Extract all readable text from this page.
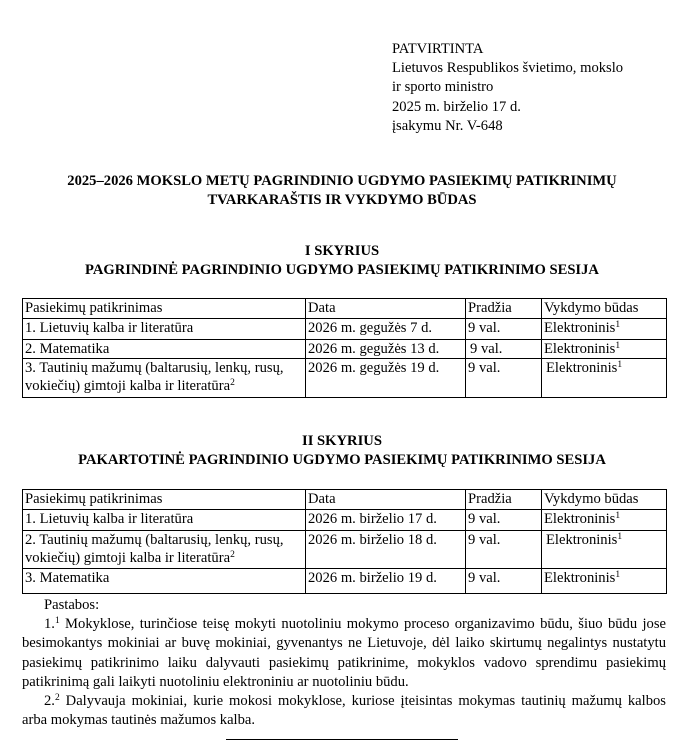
PATVIRTINTA
Lietuvos Respublikos švietimo, mokslo
ir sporto ministro
2025 m. birželio 17 d.
įsakymu Nr. V-648
2025–2026 MOKSLO METŲ PAGRINDINIO UGDYMO PASIEKIMŲ PATIKRINIMŲ
TVARKARAŠTIS IR VYKDYMO BŪDAS
I SKYRIUS
PAGRINDINĖ PAGRINDINIO UGDYMO PASIEKIMŲ PATIKRINIMO SESIJA
Pasiekimų patikrinimas	Data	Pradžia	Vykdymo būdas
1. Lietuvių kalba ir literatūra	2026 m. gegužės 7 d.	9 val.	Elektroninis$^1$
2. Matematika	2026 m. gegužės 13 d.	9 val.	Elektroninis$^1$
3. Tautinių mažumų (baltarusių, lenkų, rusų, vokiečių) gimtoji kalba ir literatūra$^2$	2026 m. gegužės 19 d.	9 val.	Elektroninis$^1$
II SKYRIUS
PAKARTOTINĖ PAGRINDINIO UGDYMO PASIEKIMŲ PATIKRINIMO SESIJA
Pasiekimų patikrinimas	Data	Pradžia	Vykdymo būdas
1. Lietuvių kalba ir literatūra	2026 m. birželio 17 d.	9 val.	Elektroninis$^1$
2. Tautinių mažumų (baltarusių, lenkų, rusų, vokiečių) gimtoji kalba ir literatūra$^2$	2026 m. birželio 18 d.	9 val.	Elektroninis$^1$
3. Matematika	2026 m. birželio 19 d.	9 val.	Elektroninis$^1$

Pastabos:

1.$^1$ Mokyklose, turinčiose teisę mokyti nuotoliniu mokymo proceso organizavimo būdu, šiuo būdu jose besimokantys mokiniai ar buvę mokiniai, gyvenantys ne Lietuvoje, dėl laiko skirtumų negalintys nustatytu pasiekimų patikrinimo laiku dalyvauti pasiekimų patikrinime, mokyklos vadovo sprendimu pasiekimų patikrinimą gali laikyti nuotoliniu elektroniniu ar nuotoliniu būdu.

2.$^2$ Dalyvauja mokiniai, kurie mokosi mokyklose, kuriose įteisintas mokymas tautinių mažumų kalbos arba mokymas tautinės mažumos kalba.
